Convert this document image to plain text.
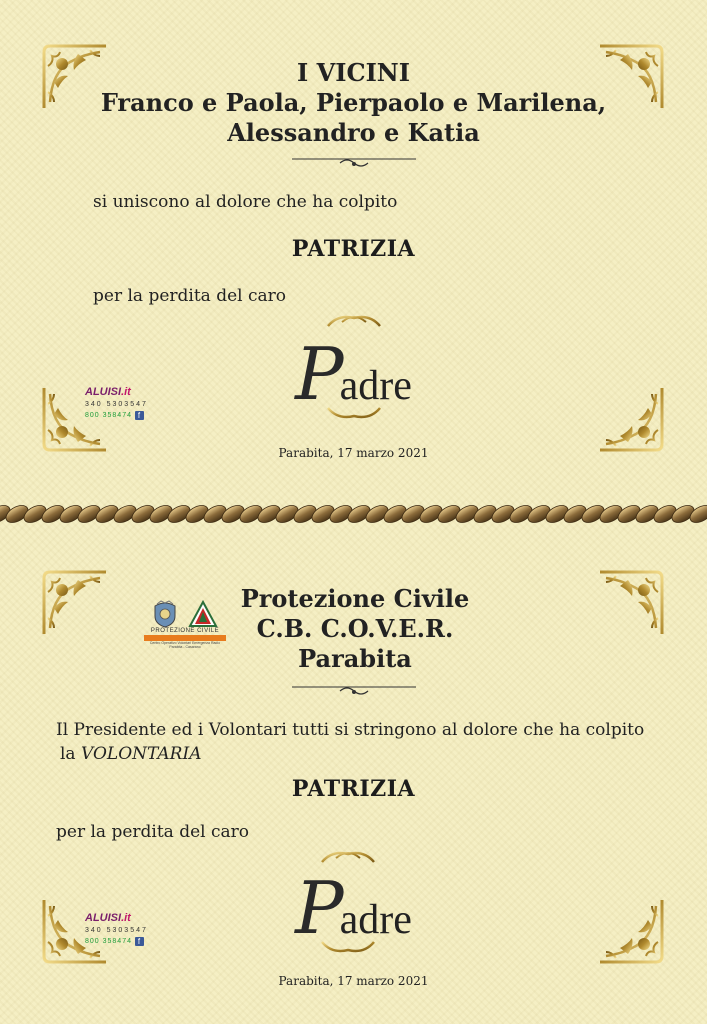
I VICINI
Franco e Paola, Pierpaolo e Marilena,
Alessandro e Katia
si uniscono al dolore che ha colpito
PATRIZIA
per la perdita del caro
Padre
ALUISI.it
340 5303547
800 358474 f
Parabita, 17 marzo 2021
Protezione Civile
C.B. C.O.V.E.R.
Parabita
Il Presidente ed i Volontari tutti si stringono al dolore che ha colpito
la VOLONTARIA
PATRIZIA
per la perdita del caro
Padre
ALUISI.it
340 5303547
800 358474 f
Parabita, 17 marzo 2021
PROTEZIONE CIVILE
Centro Operativo Volontari Emergenza Radio
Parabita - Casarano
